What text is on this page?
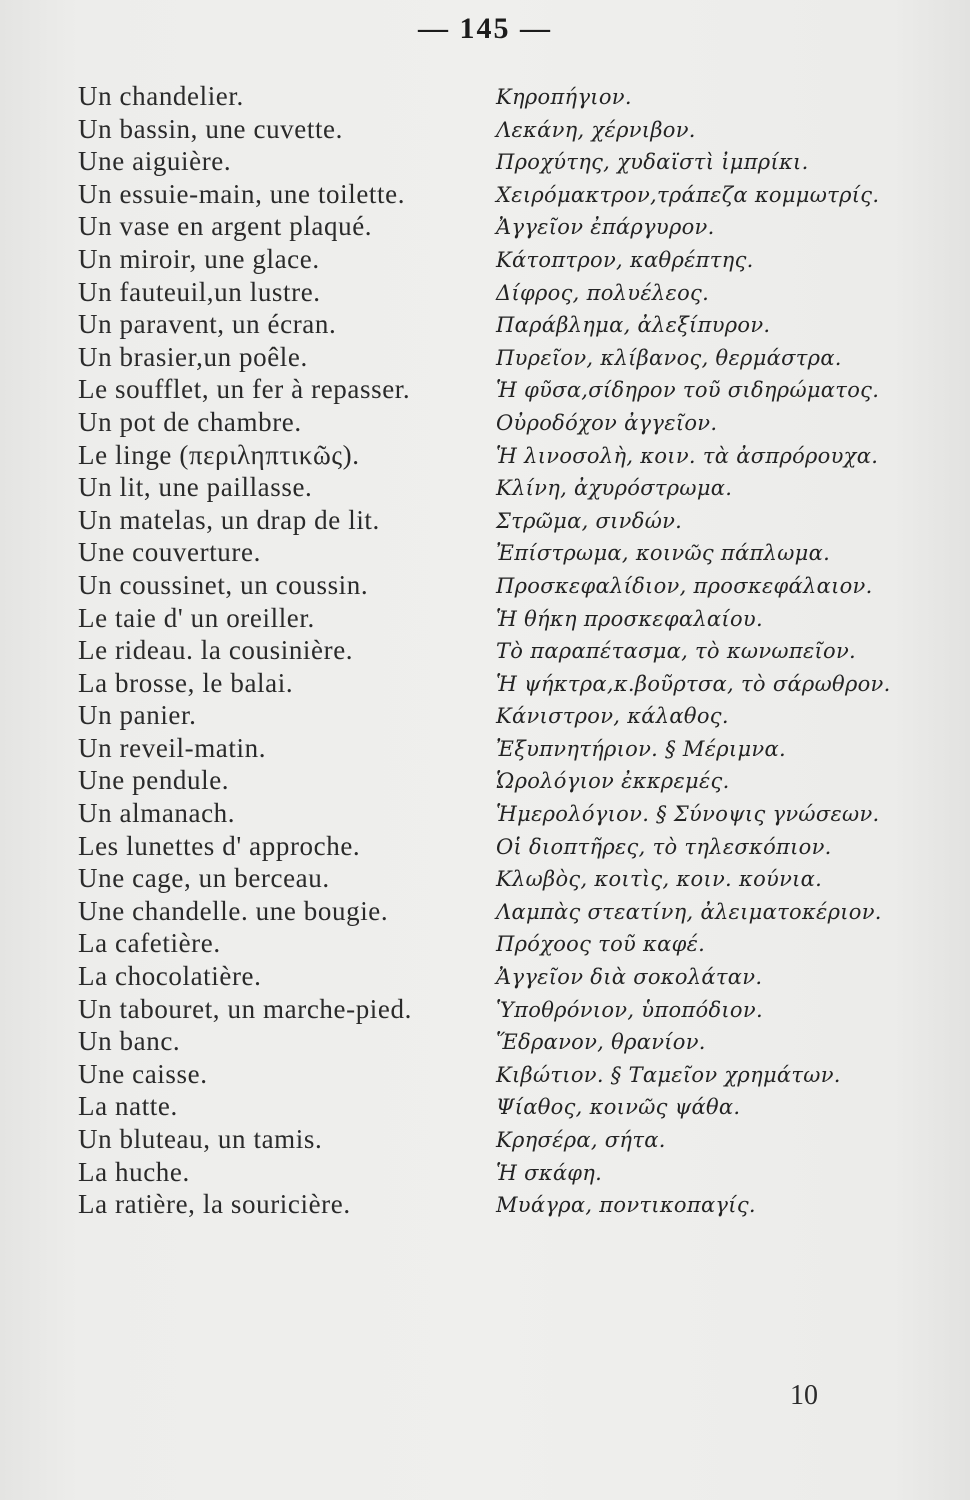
— 145 —
Un chandelier.	Κηροπήγιον.
Un bassin, une cuvette.	Λεκάνη, χέρνιβον.
Une aiguière.	Προχύτης, χυδαϊστὶ ἰμπρίκι.
Un essuie-main, une toilette.	Χειρόμακτρον,τράπεζα κομμωτρίς.
Un vase en argent plaqué.	Ἀγγεῖον ἐπάργυρον.
Un miroir, une glace.	Κάτοπτρον, καθρέπτης.
Un fauteuil,un lustre.	Δίφρος, πολυέλεος.
Un paravent, un écran.	Παράβλημα, ἀλεξίπυρον.
Un brasier,un poêle.	Πυρεῖον, κλίβανος, θερμάστρα.
Le soufflet, un fer à repasser.	Ἡ φῦσα,σίδηρον τοῦ σιδηρώματος.
Un pot de chambre.	Οὐροδόχον ἀγγεῖον.
Le linge (περιληπτικῶς).	Ἡ λινοσολὴ, κοιν. τὰ ἀσπρόρουχα.
Un lit, une paillasse.	Κλίνη, ἀχυρόστρωμα.
Un matelas, un drap de lit.	Στρῶμα, σινδών.
Une couverture.	Ἐπίστρωμα, κοινῶς πάπλωμα.
Un coussinet, un coussin.	Προσκεφαλίδιον, προσκεφάλαιον.
Le taie d' un oreiller.	Ἡ θήκη προσκεφαλαίου.
Le rideau. la cousinière.	Τὸ παραπέτασμα, τὸ κωνωπεῖον.
La brosse, le balai.	Ἡ ψήκτρα,κ.βοῦρτσα, τὸ σάρωθρον.
Un panier.	Κάνιστρον, κάλαθος.
Un reveil-matin.	Ἐξυπνητήριον. § Μέριμνα.
Une pendule.	Ὡρολόγιον ἐκκρεμές.
Un almanach.	Ἡμερολόγιον. § Σύνοψις γνώσεων.
Les lunettes d' approche.	Οἱ διοπτῆρες, τὸ τηλεσκόπιον.
Une cage, un berceau.	Κλωβὸς, κοιτὶς, κοιν. κούνια.
Une chandelle. une bougie.	Λαμπὰς στεατίνη, ἀλειματοκέριον.
La cafetière.	Πρόχοος τοῦ καφέ.
La chocolatière.	Ἀγγεῖον διὰ σοκολάταν.
Un tabouret, un marche-pied.	Ὑποθρόνιον, ὑποπόδιον.
Un banc.	Ἕδρανον, θρανίον.
Une caisse.	Κιβώτιον. § Ταμεῖον χρημάτων.
La natte.	Ψίαθος, κοινῶς ψάθα.
Un bluteau, un tamis.	Κρησέρα, σήτα.
La huche.	Ἡ σκάφη.
La ratière, la souricière.	Μυάγρα, ποντικοπαγίς.
10
